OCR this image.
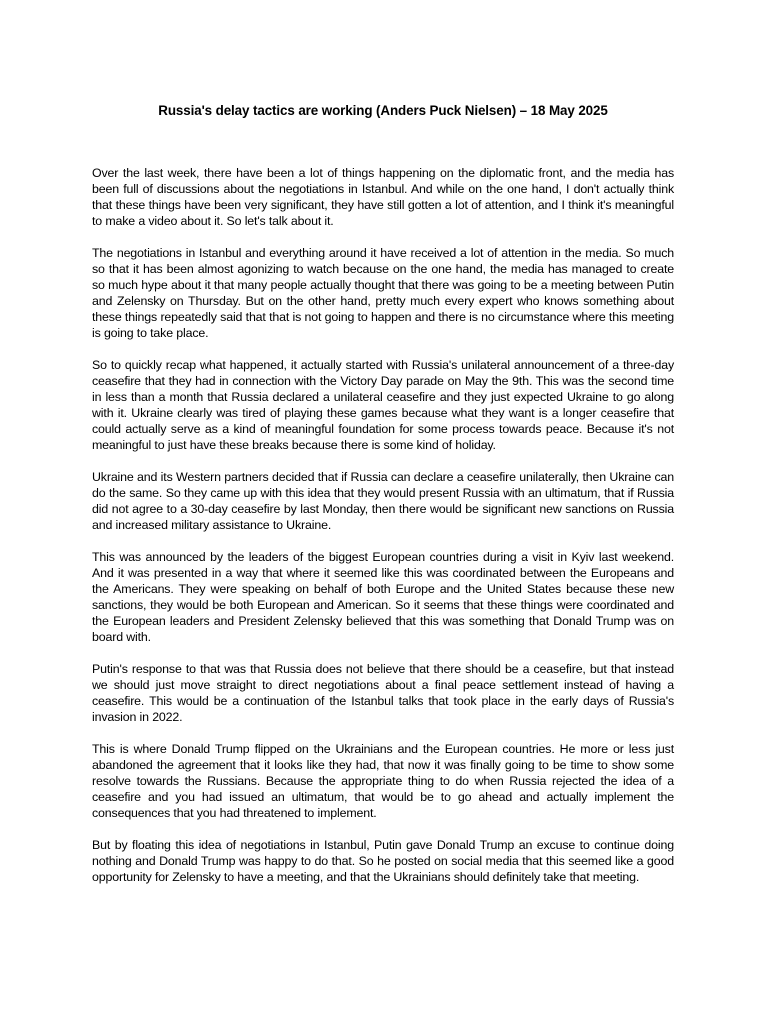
Russia's delay tactics are working (Anders Puck Nielsen) – 18 May 2025

Over the last week, there have been a lot of things happening on the diplomatic front, and the media has been full of discussions about the negotiations in Istanbul. And while on the one hand, I don't actually think that these things have been very significant, they have still gotten a lot of attention, and I think it's meaningful to make a video about it. So let's talk about it.

The negotiations in Istanbul and everything around it have received a lot of attention in the media. So much so that it has been almost agonizing to watch because on the one hand, the media has managed to create so much hype about it that many people actually thought that there was going to be a meeting between Putin and Zelensky on Thursday. But on the other hand, pretty much every expert who knows something about these things repeatedly said that that is not going to happen and there is no circumstance where this meeting is going to take place.

So to quickly recap what happened, it actually started with Russia's unilateral announcement of a three-day ceasefire that they had in connection with the Victory Day parade on May the 9th. This was the second time in less than a month that Russia declared a unilateral ceasefire and they just expected Ukraine to go along with it. Ukraine clearly was tired of playing these games because what they want is a longer ceasefire that could actually serve as a kind of meaningful foundation for some process towards peace. Because it's not meaningful to just have these breaks because there is some kind of holiday.

Ukraine and its Western partners decided that if Russia can declare a ceasefire unilaterally, then Ukraine can do the same. So they came up with this idea that they would present Russia with an ultimatum, that if Russia did not agree to a 30-day ceasefire by last Monday, then there would be significant new sanctions on Russia and increased military assistance to Ukraine.

This was announced by the leaders of the biggest European countries during a visit in Kyiv last weekend. And it was presented in a way that where it seemed like this was coordinated between the Europeans and the Americans. They were speaking on behalf of both Europe and the United States because these new sanctions, they would be both European and American. So it seems that these things were coordinated and the European leaders and President Zelensky believed that this was something that Donald Trump was on board with.

Putin's response to that was that Russia does not believe that there should be a ceasefire, but that instead we should just move straight to direct negotiations about a final peace settlement instead of having a ceasefire. This would be a continuation of the Istanbul talks that took place in the early days of Russia's invasion in 2022.

This is where Donald Trump flipped on the Ukrainians and the European countries. He more or less just abandoned the agreement that it looks like they had, that now it was finally going to be time to show some resolve towards the Russians. Because the appropriate thing to do when Russia rejected the idea of a ceasefire and you had issued an ultimatum, that would be to go ahead and actually implement the consequences that you had threatened to implement.

But by floating this idea of negotiations in Istanbul, Putin gave Donald Trump an excuse to continue doing nothing and Donald Trump was happy to do that. So he posted on social media that this seemed like a good opportunity for Zelensky to have a meeting, and that the Ukrainians should definitely take that meeting.
